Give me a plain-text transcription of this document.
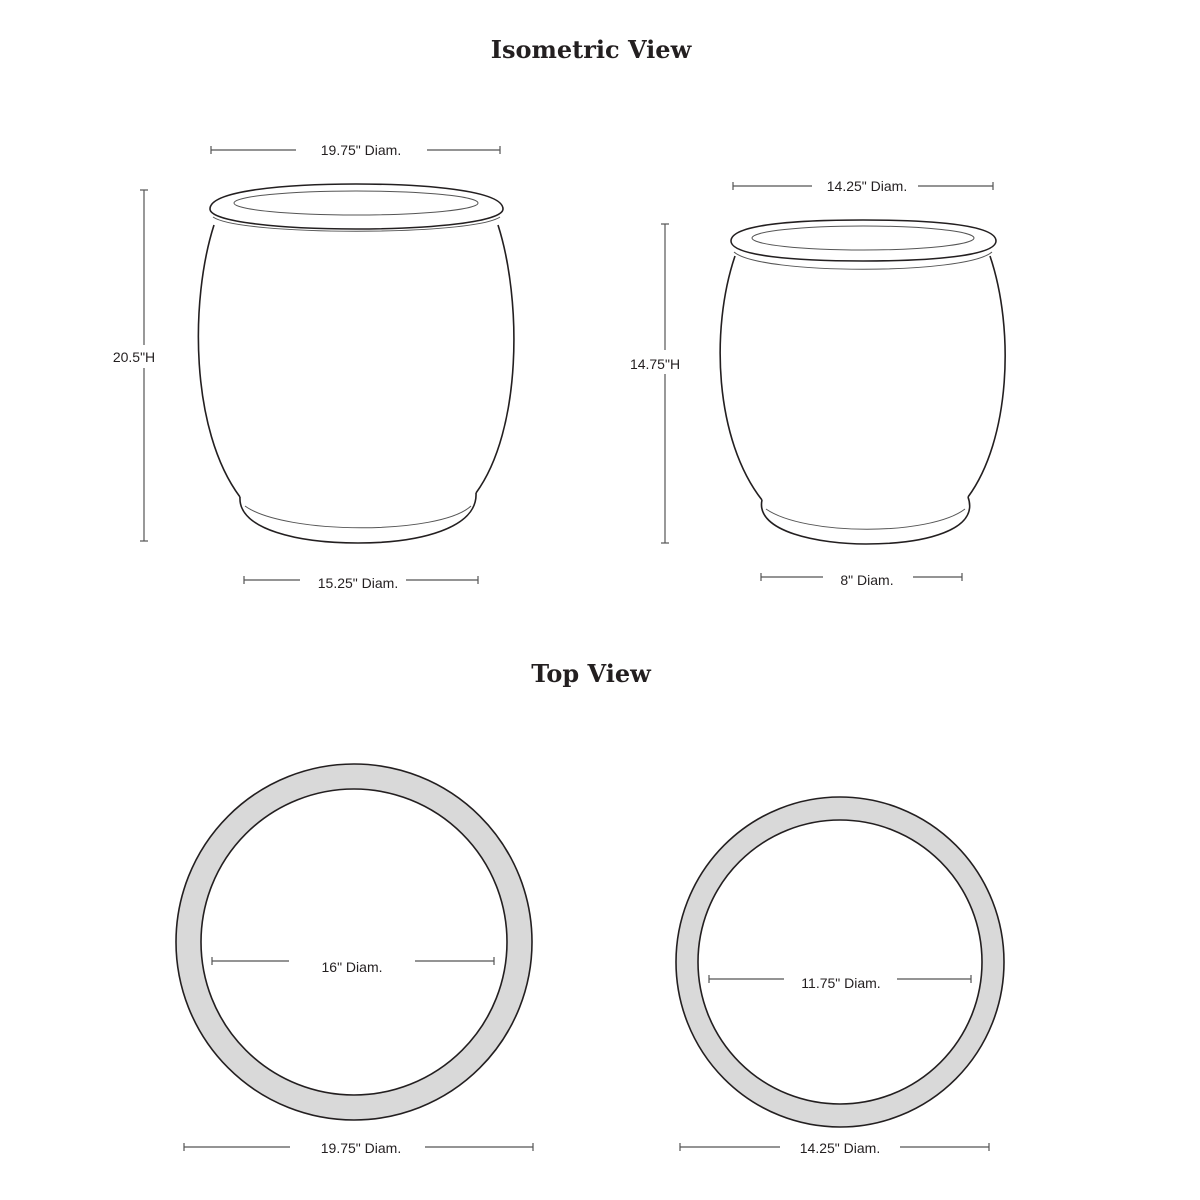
Isometric View
Top View
19.75" Diam.
20.5"H
15.25" Diam.
14.25" Diam.
14.75"H
8" Diam.
16" Diam.
19.75" Diam.
11.75" Diam.
14.25" Diam.
